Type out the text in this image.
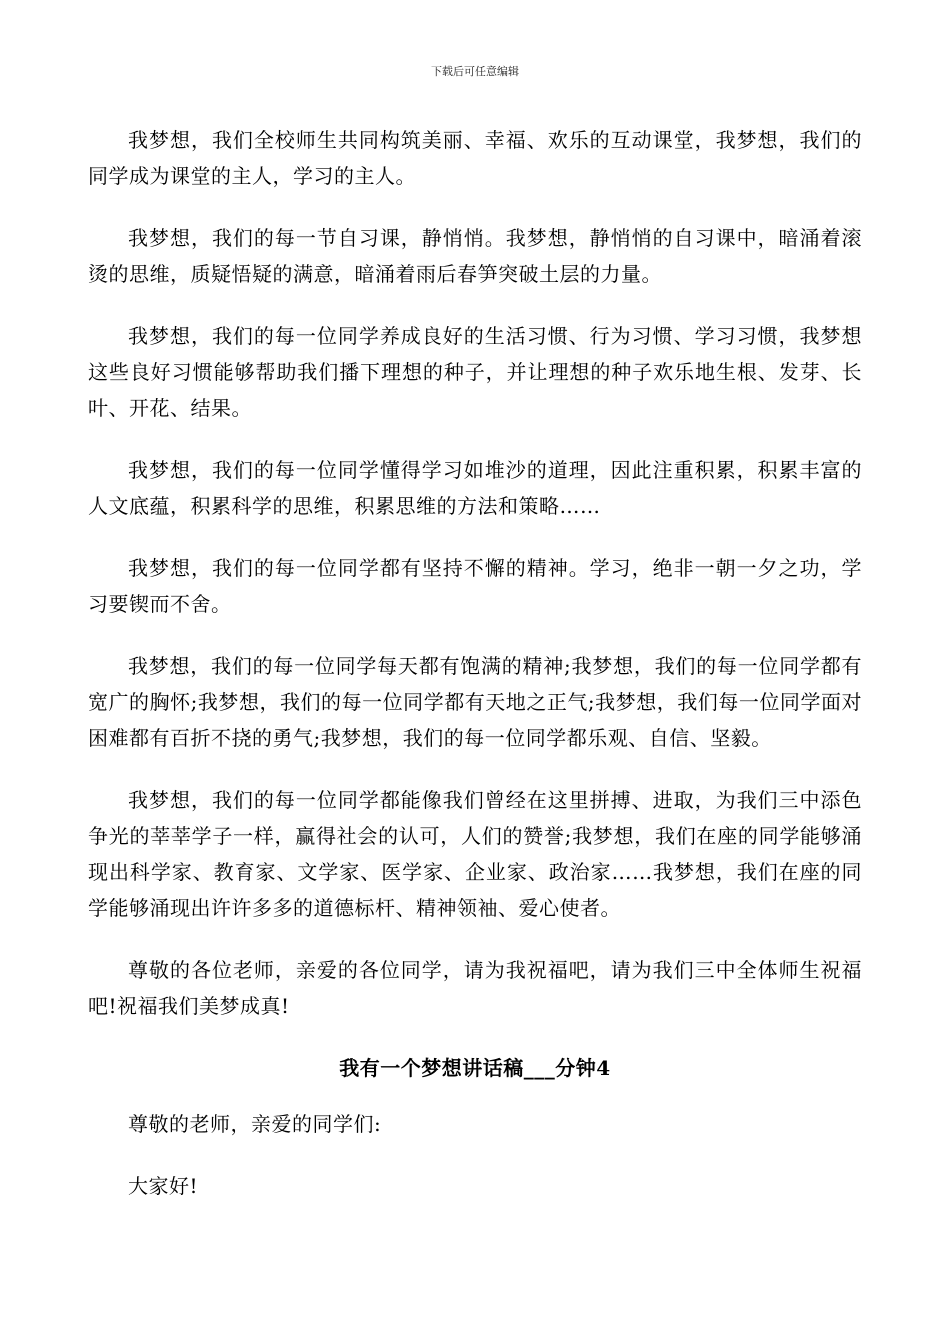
下载后可任意编辑

我梦想，我们全校师生共同构筑美丽、幸福、欢乐的互动课堂，我梦想，我们的同学成为课堂的主人，学习的主人。

我梦想，我们的每一节自习课，静悄悄。我梦想，静悄悄的自习课中，暗涌着滚烫的思维，质疑悟疑的满意，暗涌着雨后春笋突破土层的力量。

我梦想，我们的每一位同学养成良好的生活习惯、行为习惯、学习习惯，我梦想这些良好习惯能够帮助我们播下理想的种子，并让理想的种子欢乐地生根、发芽、长叶、开花、结果。

我梦想，我们的每一位同学懂得学习如堆沙的道理，因此注重积累，积累丰富的人文底蕴，积累科学的思维，积累思维的方法和策略……

我梦想，我们的每一位同学都有坚持不懈的精神。学习，绝非一朝一夕之功，学习要锲而不舍。

我梦想，我们的每一位同学每天都有饱满的精神;我梦想，我们的每一位同学都有宽广的胸怀;我梦想，我们的每一位同学都有天地之正气;我梦想，我们每一位同学面对困难都有百折不挠的勇气;我梦想，我们的每一位同学都乐观、自信、坚毅。

我梦想，我们的每一位同学都能像我们曾经在这里拼搏、进取，为我们三中添色争光的莘莘学子一样，赢得社会的认可，人们的赞誉;我梦想，我们在座的同学能够涌现出科学家、教育家、文学家、医学家、企业家、政治家……我梦想，我们在座的同学能够涌现出许许多多的道德标杆、精神领袖、爱心使者。

尊敬的各位老师，亲爱的各位同学，请为我祝福吧，请为我们三中全体师生祝福吧!祝福我们美梦成真!

我有一个梦想讲话稿___分钟4

尊敬的老师，亲爱的同学们:

大家好!
